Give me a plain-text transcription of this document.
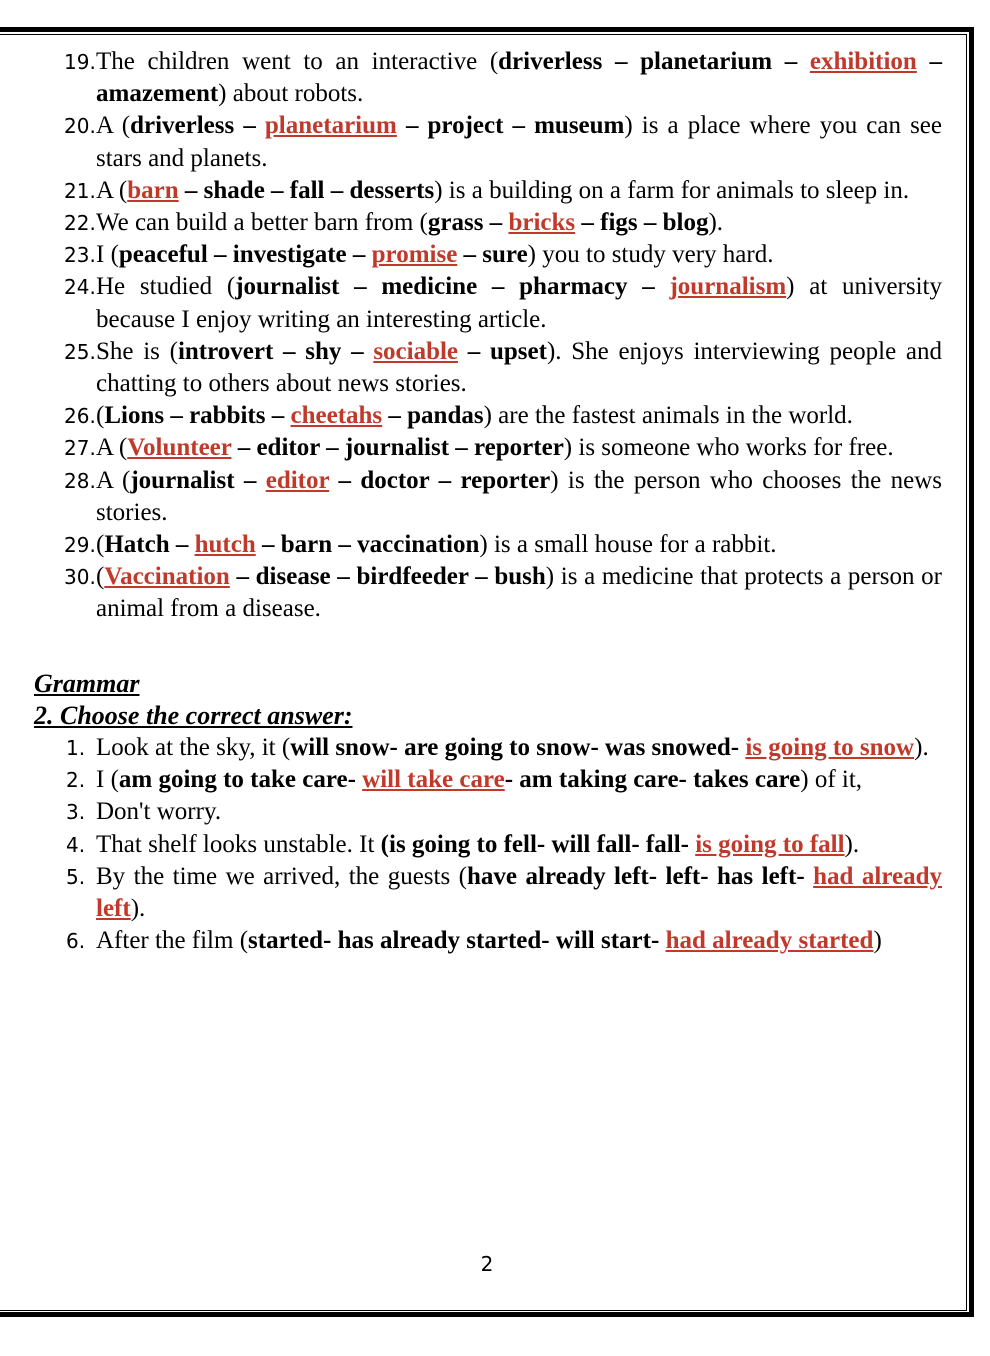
19. The children went to an interactive (driverless – planetarium – exhibition – amazement) about robots.
20. A (driverless – planetarium – project – museum) is a place where you can see stars and planets.
21. A (barn – shade – fall – desserts) is a building on a farm for animals to sleep in.
22. We can build a better barn from (grass – bricks – figs – blog).
23. I (peaceful – investigate – promise – sure) you to study very hard.
24. He studied (journalist – medicine – pharmacy – journalism) at university because I enjoy writing an interesting article.
25. She is (introvert – shy – sociable – upset). She enjoys interviewing people and chatting to others about news stories.
26. (Lions – rabbits – cheetahs – pandas) are the fastest animals in the world.
27. A (Volunteer – editor – journalist – reporter) is someone who works for free.
28. A (journalist – editor – doctor – reporter) is the person who chooses the news stories.
29. (Hatch – hutch – barn – vaccination) is a small house for a rabbit.
30. (Vaccination – disease – birdfeeder – bush) is a medicine that protects a person or animal from a disease.
Grammar
2. Choose the correct answer:
1. Look at the sky, it (will snow- are going to snow- was snowed- is going to snow).
2. I (am going to take care- will take care- am taking care- takes care) of it,
3. Don't worry.
4. That shelf looks unstable. It (is going to fell- will fall- fall- is going to fall).
5. By the time we arrived, the guests (have already left- left- has left- had already left).
6. After the film (started- has already started- will start- had already started)
2
